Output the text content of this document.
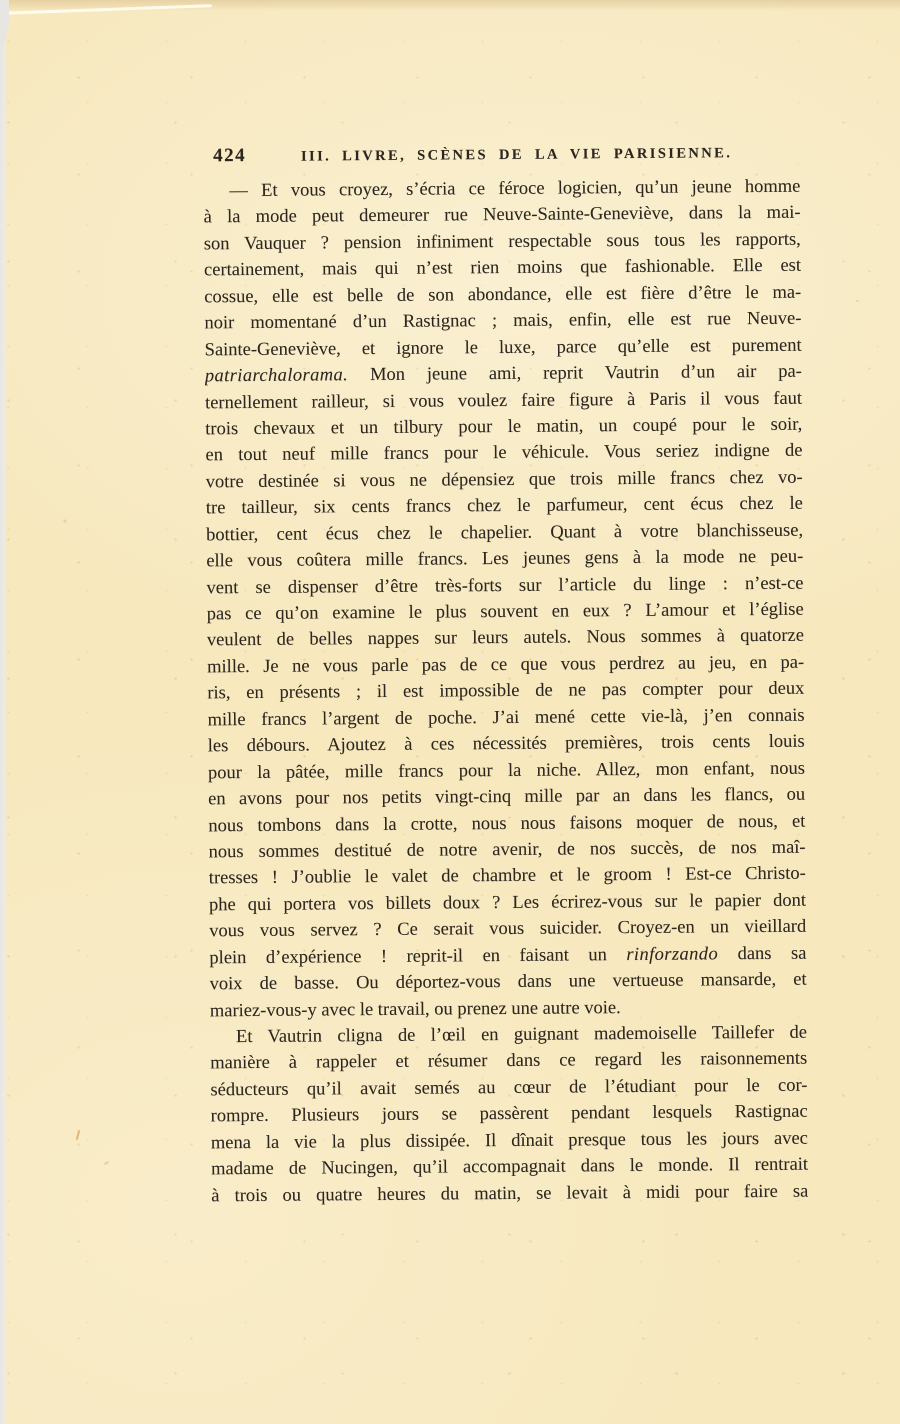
424	III. LIVRE, SCÈNES DE LA VIE PARISIENNE.
— Et vous croyez, s’écria ce féroce logicien, qu’un jeune homme
à la mode peut demeurer rue Neuve-Sainte-Geneviève, dans la mai-
son Vauquer ? pension infiniment respectable sous tous les rapports,
certainement, mais qui n’est rien moins que fashionable. Elle est
cossue, elle est belle de son abondance, elle est fière d’être le ma-
noir momentané d’un Rastignac ; mais, enfin, elle est rue Neuve-
Sainte-Geneviève, et ignore le luxe, parce qu’elle est purement
patriarchalorama. Mon jeune ami, reprit Vautrin d’un air pa-
ternellement railleur, si vous voulez faire figure à Paris il vous faut
trois chevaux et un tilbury pour le matin, un coupé pour le soir,
en tout neuf mille francs pour le véhicule. Vous seriez indigne de
votre destinée si vous ne dépensiez que trois mille francs chez vo-
tre tailleur, six cents francs chez le parfumeur, cent écus chez le
bottier, cent écus chez le chapelier. Quant à votre blanchisseuse,
elle vous coûtera mille francs. Les jeunes gens à la mode ne peu-
vent se dispenser d’être très-forts sur l’article du linge : n’est-ce
pas ce qu’on examine le plus souvent en eux ? L’amour et l’église
veulent de belles nappes sur leurs autels. Nous sommes à quatorze
mille. Je ne vous parle pas de ce que vous perdrez au jeu, en pa-
ris, en présents ; il est impossible de ne pas compter pour deux
mille francs l’argent de poche. J’ai mené cette vie-là, j’en connais
les débours. Ajoutez à ces nécessités premières, trois cents louis
pour la pâtée, mille francs pour la niche. Allez, mon enfant, nous
en avons pour nos petits vingt-cinq mille par an dans les flancs, ou
nous tombons dans la crotte, nous nous faisons moquer de nous, et
nous sommes destitué de notre avenir, de nos succès, de nos maî-
tresses ! J’oublie le valet de chambre et le groom ! Est-ce Christo-
phe qui portera vos billets doux ? Les écrirez-vous sur le papier dont
vous vous servez ? Ce serait vous suicider. Croyez-en un vieillard
plein d’expérience ! reprit-il en faisant un rinforzando dans sa
voix de basse. Ou déportez-vous dans une vertueuse mansarde, et
mariez-vous-y avec le travail, ou prenez une autre voie.
Et Vautrin cligna de l’œil en guignant mademoiselle Taillefer de
manière à rappeler et résumer dans ce regard les raisonnements
séducteurs qu’il avait semés au cœur de l’étudiant pour le cor-
rompre. Plusieurs jours se passèrent pendant lesquels Rastignac
mena la vie la plus dissipée. Il dînait presque tous les jours avec
madame de Nucingen, qu’il accompagnait dans le monde. Il rentrait
à trois ou quatre heures du matin, se levait à midi pour faire sa
